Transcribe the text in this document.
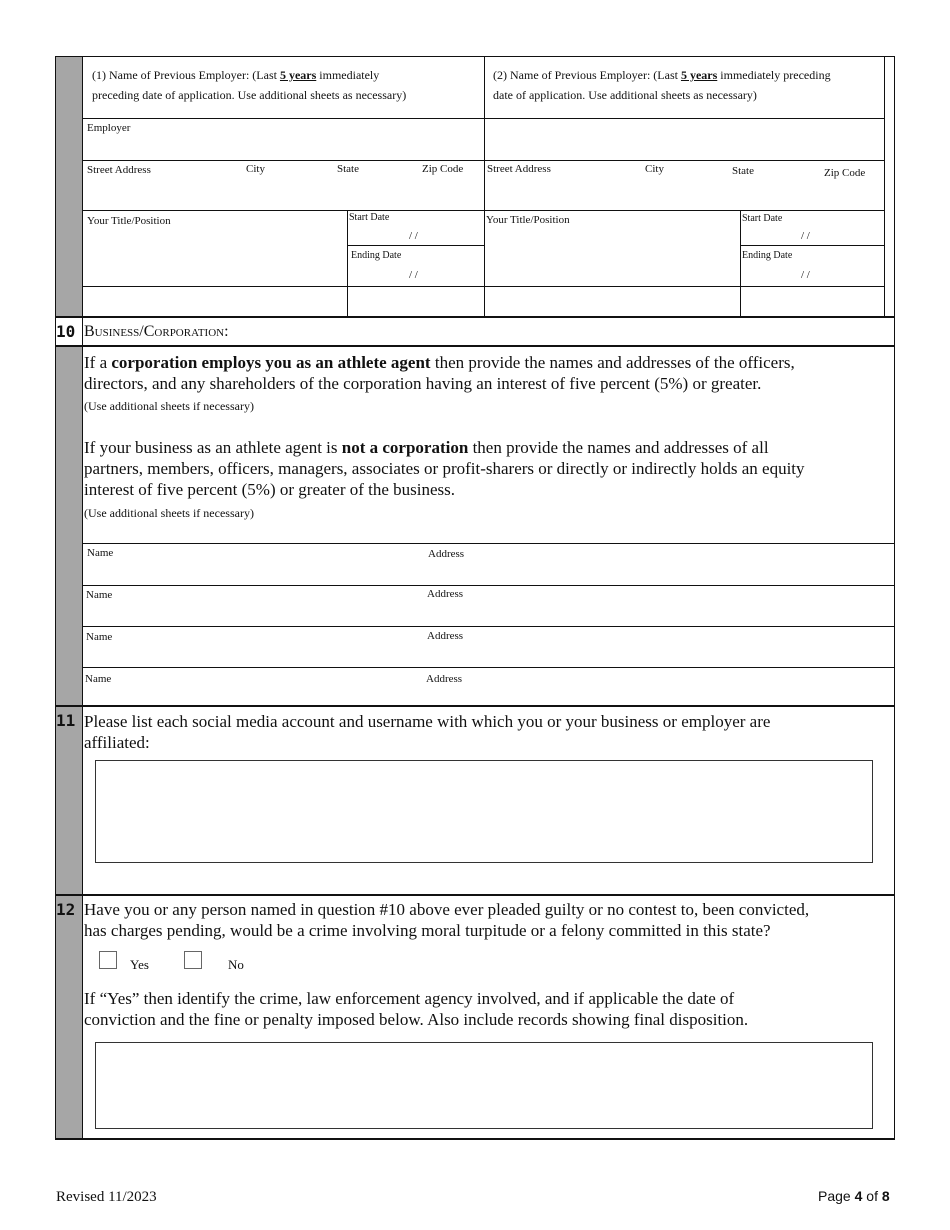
(1) Name of Previous Employer: (Last 5 years immediately
preceding date of application. Use additional sheets as necessary)
(2) Name of Previous Employer: (Last 5 years immediately preceding
date of application. Use additional sheets as necessary)
Employer
Street Address	City	State	Zip Code
Your Title/Position	Start Date
/ /
Ending Date
/ /
Street Address	City	State	Zip Code
Your Title/Position	Start Date
/ /
Ending Date
/ /
10 Business/Corporation:
If a corporation employs you as an athlete agent then provide the names and addresses of the officers,
directors, and any shareholders of the corporation having an interest of five percent (5%) or greater.
(Use additional sheets if necessary)
If your business as an athlete agent is not a corporation then provide the names and addresses of all
partners, members, officers, managers, associates or profit-sharers or directly or indirectly holds an equity
interest of five percent (5%) or greater of the business.
(Use additional sheets if necessary)
Name	Address
Name	Address
Name	Address
Name	Address
11 Please list each social media account and username with which you or your business or employer are
affiliated:
12 Have you or any person named in question #10 above ever pleaded guilty or no contest to, been convicted,
has charges pending, would be a crime involving moral turpitude or a felony committed in this state?
Yes	No
If “Yes” then identify the crime, law enforcement agency involved, and if applicable the date of
conviction and the fine or penalty imposed below. Also include records showing final disposition.
Revised 11/2023	Page 4 of 8
